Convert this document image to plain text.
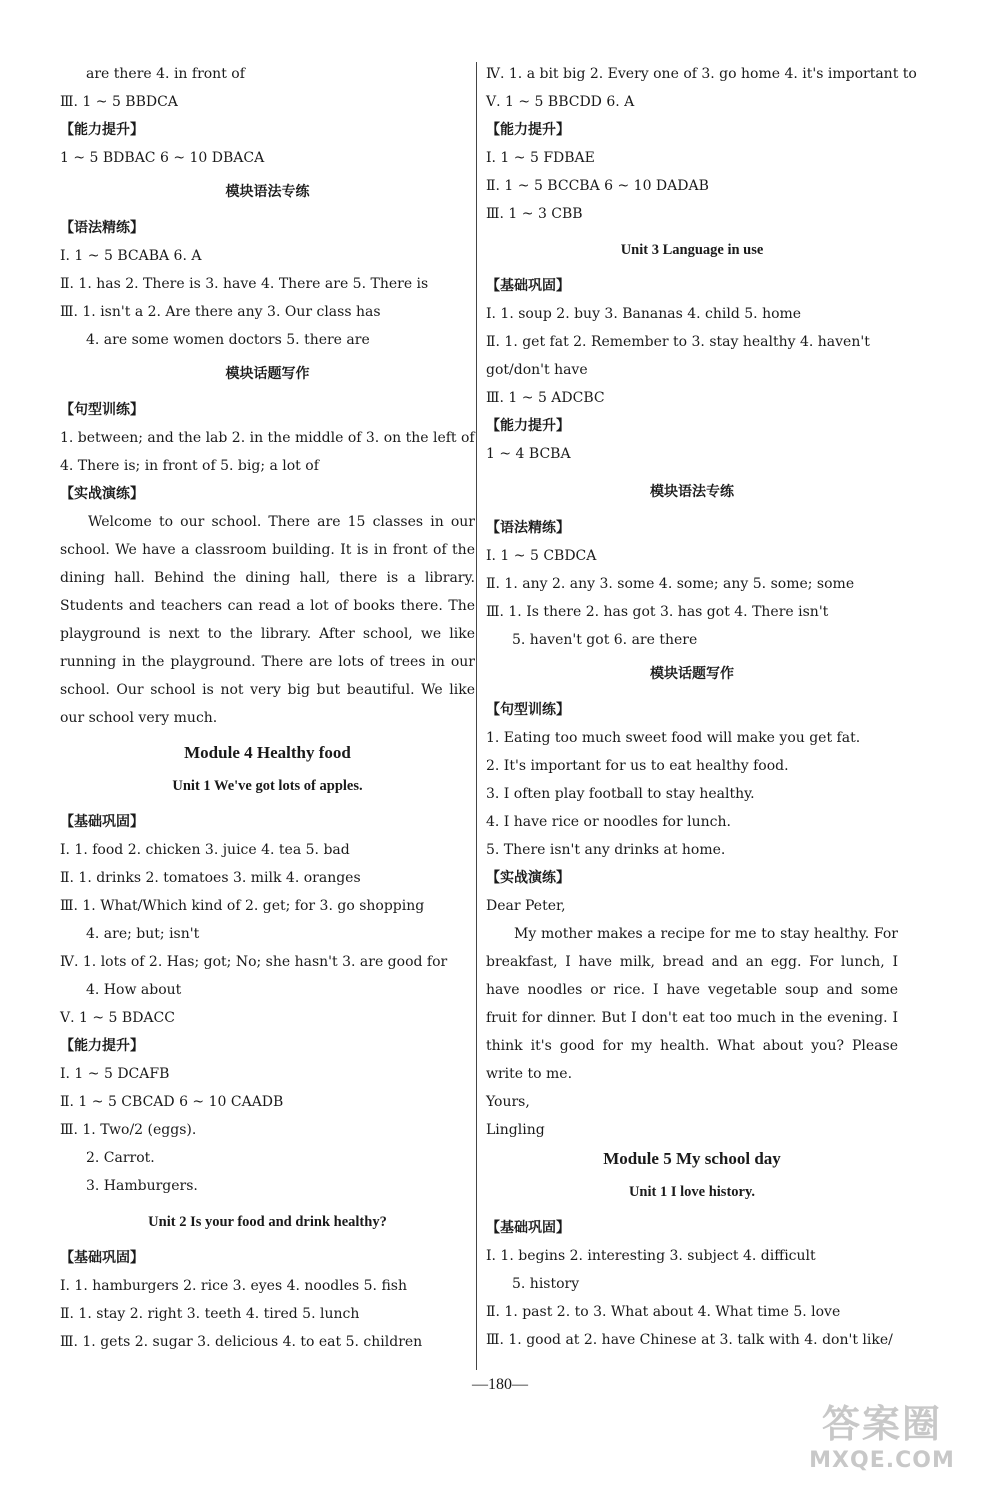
are there 4. in front of
Ⅲ. 1 ~ 5 BBDCA
【能力提升】
1 ~ 5 BDBAC 6 ~ 10 DBACA
模块语法专练
【语法精练】
Ⅰ. 1 ~ 5 BCABA 6. A
Ⅱ. 1. has 2. There is 3. have 4. There are 5. There is
Ⅲ. 1. isn't a 2. Are there any 3. Our class has
4. are some women doctors 5. there are
模块话题写作
【句型训练】
1. between; and the lab 2. in the middle of 3. on the left of
4. There is; in front of 5. big; a lot of
【实战演练】
Welcome to our school. There are 15 classes in our school. We have a classroom building. It is in front of the dining hall. Behind the dining hall, there is a library. Students and teachers can read a lot of books there. The playground is next to the library. After school, we like running in the playground. There are lots of trees in our school. Our school is not very big but beautiful. We like our school very much.
Module 4 Healthy food
Unit 1 We've got lots of apples.
【基础巩固】
Ⅰ. 1. food 2. chicken 3. juice 4. tea 5. bad
Ⅱ. 1. drinks 2. tomatoes 3. milk 4. oranges
Ⅲ. 1. What/Which kind of 2. get; for 3. go shopping
4. are; but; isn't
Ⅳ. 1. lots of 2. Has; got; No; she hasn't 3. are good for
4. How about
Ⅴ. 1 ~ 5 BDACC
【能力提升】
Ⅰ. 1 ~ 5 DCAFB
Ⅱ. 1 ~ 5 CBCAD 6 ~ 10 CAADB
Ⅲ. 1. Two/2 (eggs).
2. Carrot.
3. Hamburgers.
Unit 2 Is your food and drink healthy?
【基础巩固】
Ⅰ. 1. hamburgers 2. rice 3. eyes 4. noodles 5. fish
Ⅱ. 1. stay 2. right 3. teeth 4. tired 5. lunch
Ⅲ. 1. gets 2. sugar 3. delicious 4. to eat 5. children
Ⅳ. 1. a bit big 2. Every one of 3. go home 4. it's important to
Ⅴ. 1 ~ 5 BBCDD 6. A
【能力提升】
Ⅰ. 1 ~ 5 FDBAE
Ⅱ. 1 ~ 5 BCCBA 6 ~ 10 DADAB
Ⅲ. 1 ~ 3 CBB
Unit 3 Language in use
【基础巩固】
Ⅰ. 1. soup 2. buy 3. Bananas 4. child 5. home
Ⅱ. 1. get fat 2. Remember to 3. stay healthy 4. haven't
got/don't have
Ⅲ. 1 ~ 5 ADCBC
【能力提升】
1 ~ 4 BCBA
模块语法专练
【语法精练】
Ⅰ. 1 ~ 5 CBDCA
Ⅱ. 1. any 2. any 3. some 4. some; any 5. some; some
Ⅲ. 1. Is there 2. has got 3. has got 4. There isn't
5. haven't got 6. are there
模块话题写作
【句型训练】
1. Eating too much sweet food will make you get fat.
2. It's important for us to eat healthy food.
3. I often play football to stay healthy.
4. I have rice or noodles for lunch.
5. There isn't any drinks at home.
【实战演练】
Dear Peter,
My mother makes a recipe for me to stay healthy. For breakfast, I have milk, bread and an egg. For lunch, I have noodles or rice. I have vegetable soup and some fruit for dinner. But I don't eat too much in the evening. I think it's good for my health. What about you? Please write to me.
Yours,
Lingling
Module 5 My school day
Unit 1 I love history.
【基础巩固】
Ⅰ. 1. begins 2. interesting 3. subject 4. difficult
5. history
Ⅱ. 1. past 2. to 3. What about 4. What time 5. love
Ⅲ. 1. good at 2. have Chinese at 3. talk with 4. don't like/
—180—
答案圈
MXQE.COM
